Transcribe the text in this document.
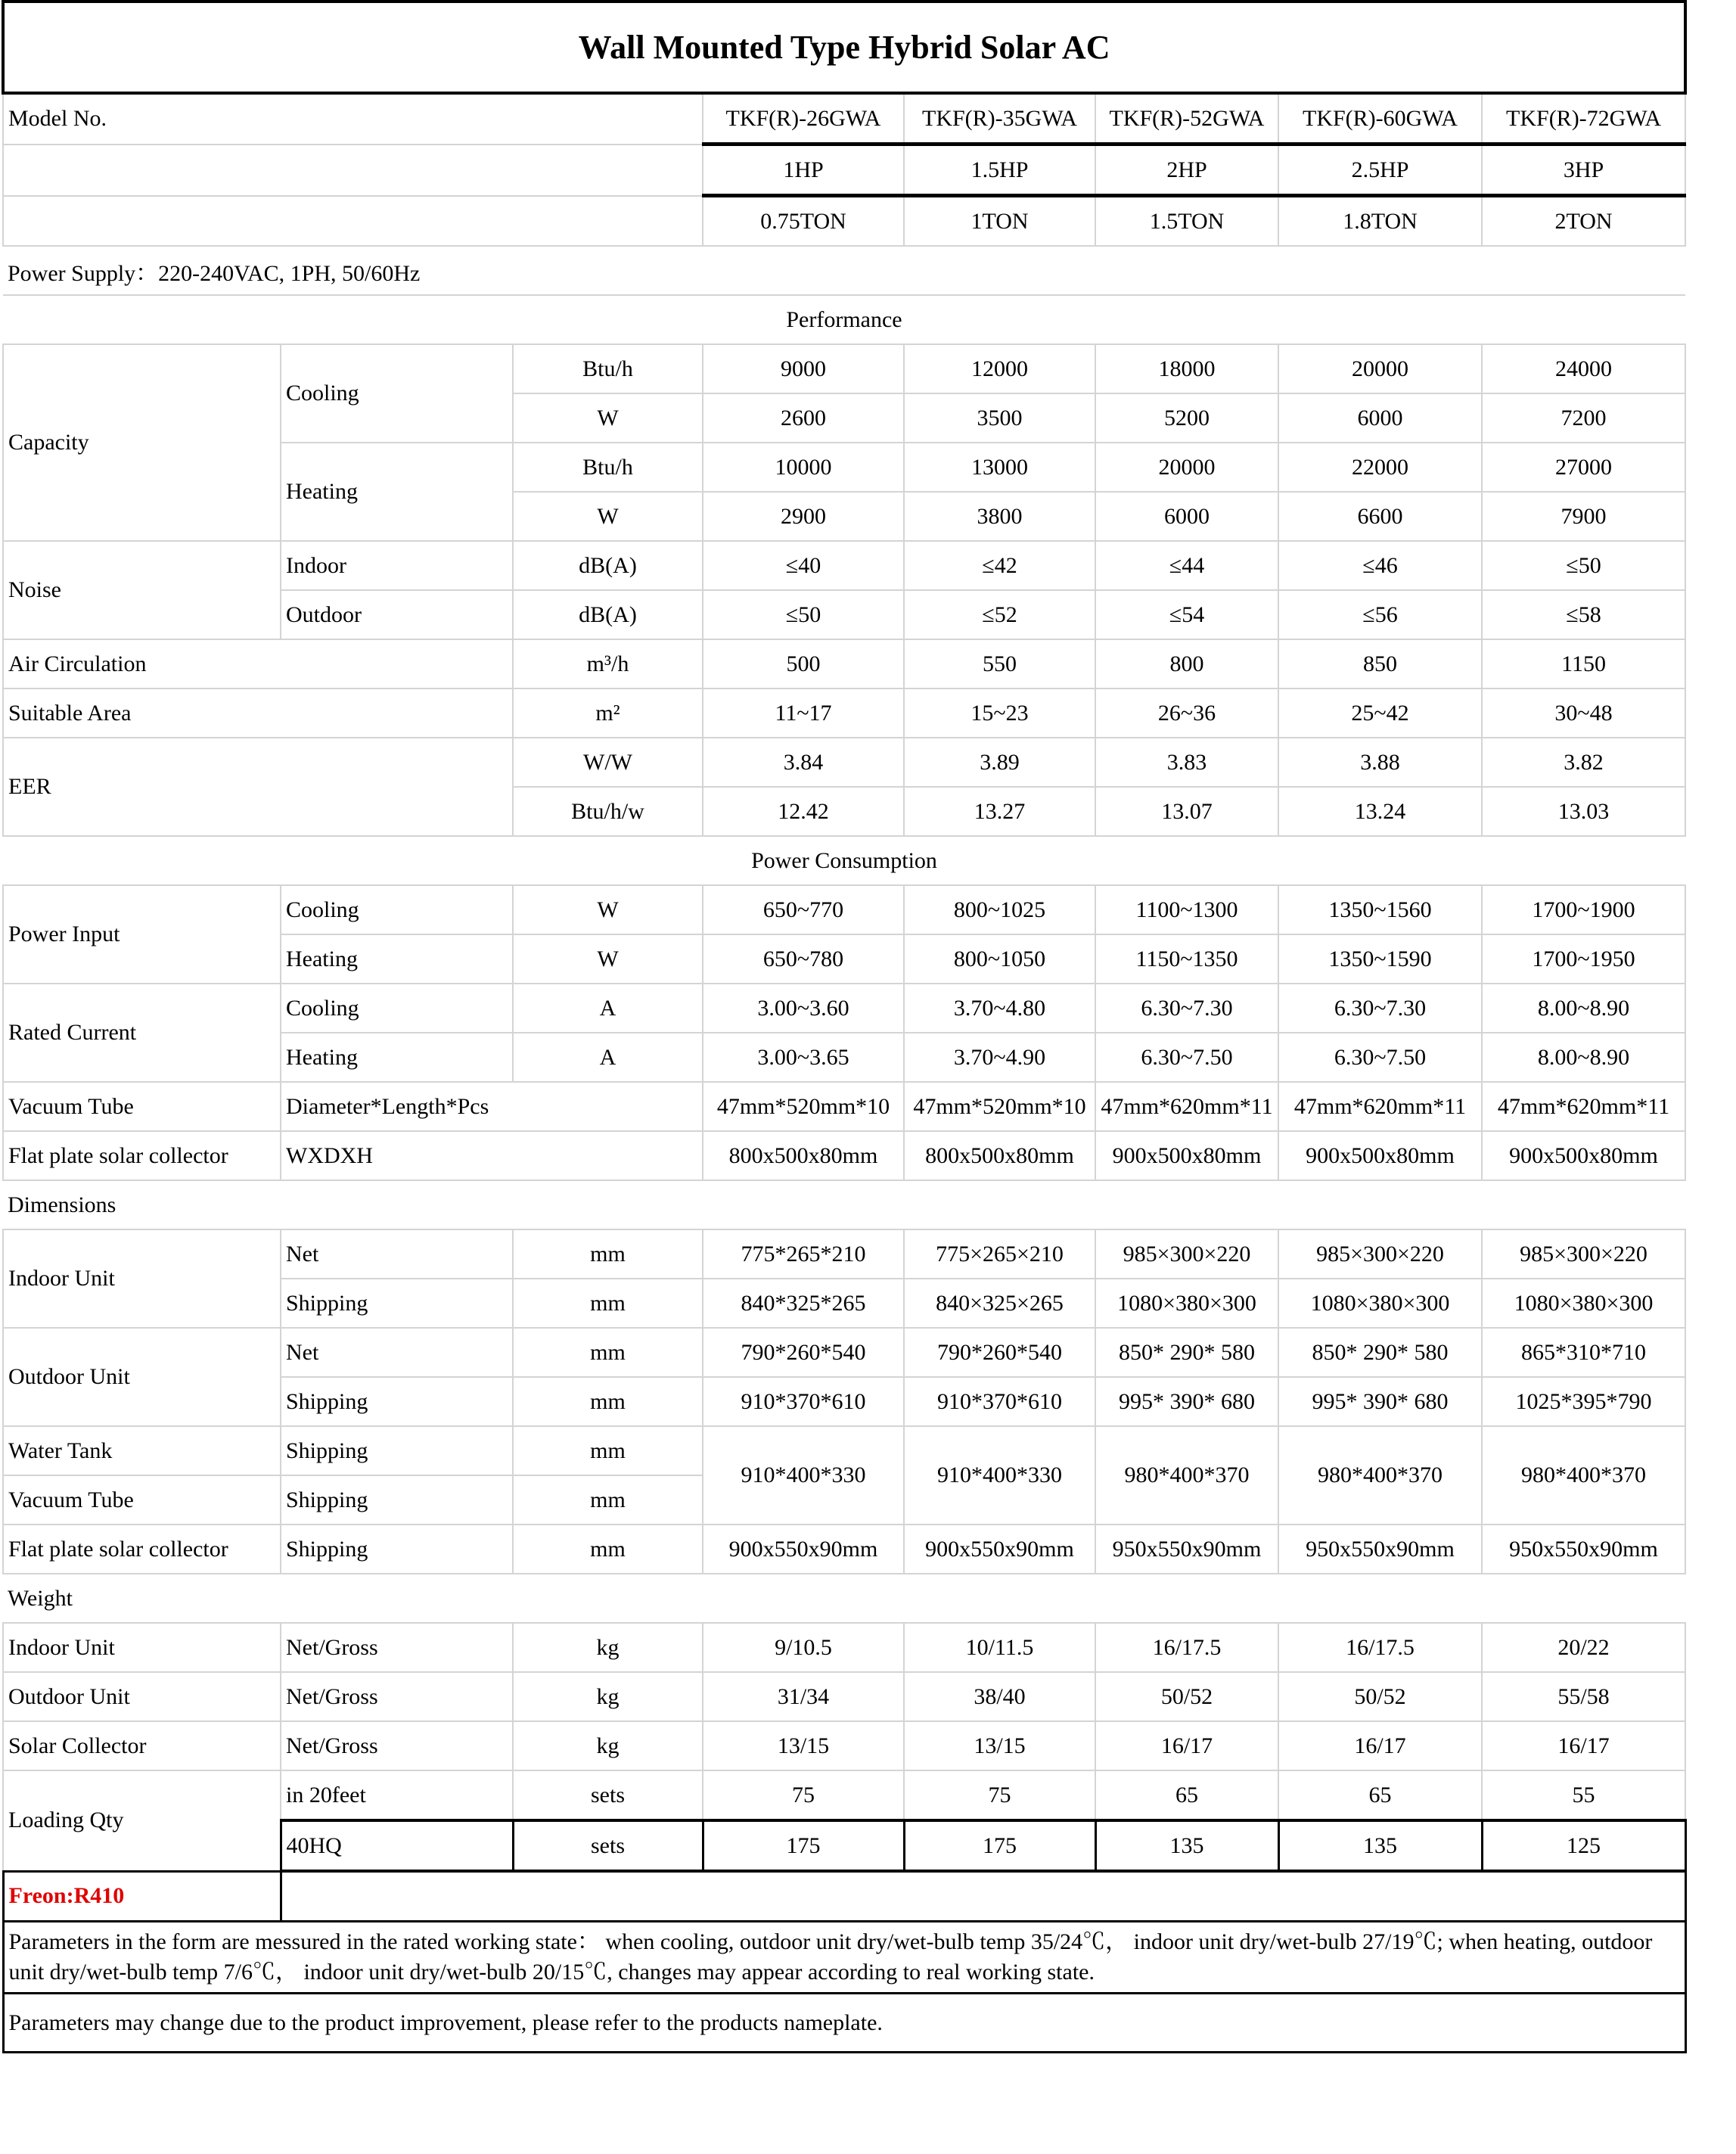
Wall Mounted Type Hybrid Solar AC							
Model No.			TKF(R)-26GWA	TKF(R)-35GWA	TKF(R)-52GWA	TKF(R)-60GWA	TKF(R)-72GWA
			1HP	1.5HP	2HP	2.5HP	3HP
			0.75TON	1TON	1.5TON	1.8TON	2TON
Power Supply：220-240VAC, 1PH, 50/60Hz							
Performance							
Capacity	Cooling	Btu/h	9000	12000	18000	20000	24000
		W	2600	3500	5200	6000	7200
	Heating	Btu/h	10000	13000	20000	22000	27000
		W	2900	3800	6000	6600	7900
Noise	Indoor	dB(A)	≤40	≤42	≤44	≤46	≤50
	Outdoor	dB(A)	≤50	≤52	≤54	≤56	≤58
Air Circulation		m³/h	500	550	800	850	1150
Suitable Area		m²	11~17	15~23	26~36	25~42	30~48
EER		W/W	3.84	3.89	3.83	3.88	3.82
		Btu/h/w	12.42	13.27	13.07	13.24	13.03
Power Consumption							
Power Input	Cooling	W	650~770	800~1025	1100~1300	1350~1560	1700~1900
	Heating	W	650~780	800~1050	1150~1350	1350~1590	1700~1950
Rated Current	Cooling	A	3.00~3.60	3.70~4.80	6.30~7.30	6.30~7.30	8.00~8.90
	Heating	A	3.00~3.65	3.70~4.90	6.30~7.50	6.30~7.50	8.00~8.90
Vacuum Tube	Diameter*Length*Pcs		47mm*520mm*10	47mm*520mm*10	47mm*620mm*11	47mm*620mm*11	47mm*620mm*11
Flat plate solar collector	WXDXH		800x500x80mm	800x500x80mm	900x500x80mm	900x500x80mm	900x500x80mm
Dimensions							
Indoor Unit	Net	mm	775*265*210	775×265×210	985×300×220	985×300×220	985×300×220
	Shipping	mm	840*325*265	840×325×265	1080×380×300	1080×380×300	1080×380×300
Outdoor Unit	Net	mm	790*260*540	790*260*540	850* 290* 580	850* 290* 580	865*310*710
	Shipping	mm	910*370*610	910*370*610	995* 390* 680	995* 390* 680	1025*395*790
Water Tank	Shipping	mm	910*400*330	910*400*330	980*400*370	980*400*370	980*400*370
Vacuum Tube	Shipping	mm					
Flat plate solar collector	Shipping	mm	900x550x90mm	900x550x90mm	950x550x90mm	950x550x90mm	950x550x90mm
Weight							
Indoor Unit	Net/Gross	kg	9/10.5	10/11.5	16/17.5	16/17.5	20/22
Outdoor Unit	Net/Gross	kg	31/34	38/40	50/52	50/52	55/58
Solar Collector	Net/Gross	kg	13/15	13/15	16/17	16/17	16/17
Loading Qty	in 20feet	sets	75	75	65	65	55
	40HQ	sets	175	175	135	135	125
Freon:R410							
Parameters in the form are messured in the rated working state： when cooling, outdoor unit dry/wet-bulb temp 35/24℃， indoor unit dry/wet-bulb 27/19℃; when heating, outdoor unit dry/wet-bulb temp 7/6℃， indoor unit dry/wet-bulb 20/15℃, changes may appear according to real working state.							
Parameters may change due to the product improvement, please refer to the products nameplate.							
